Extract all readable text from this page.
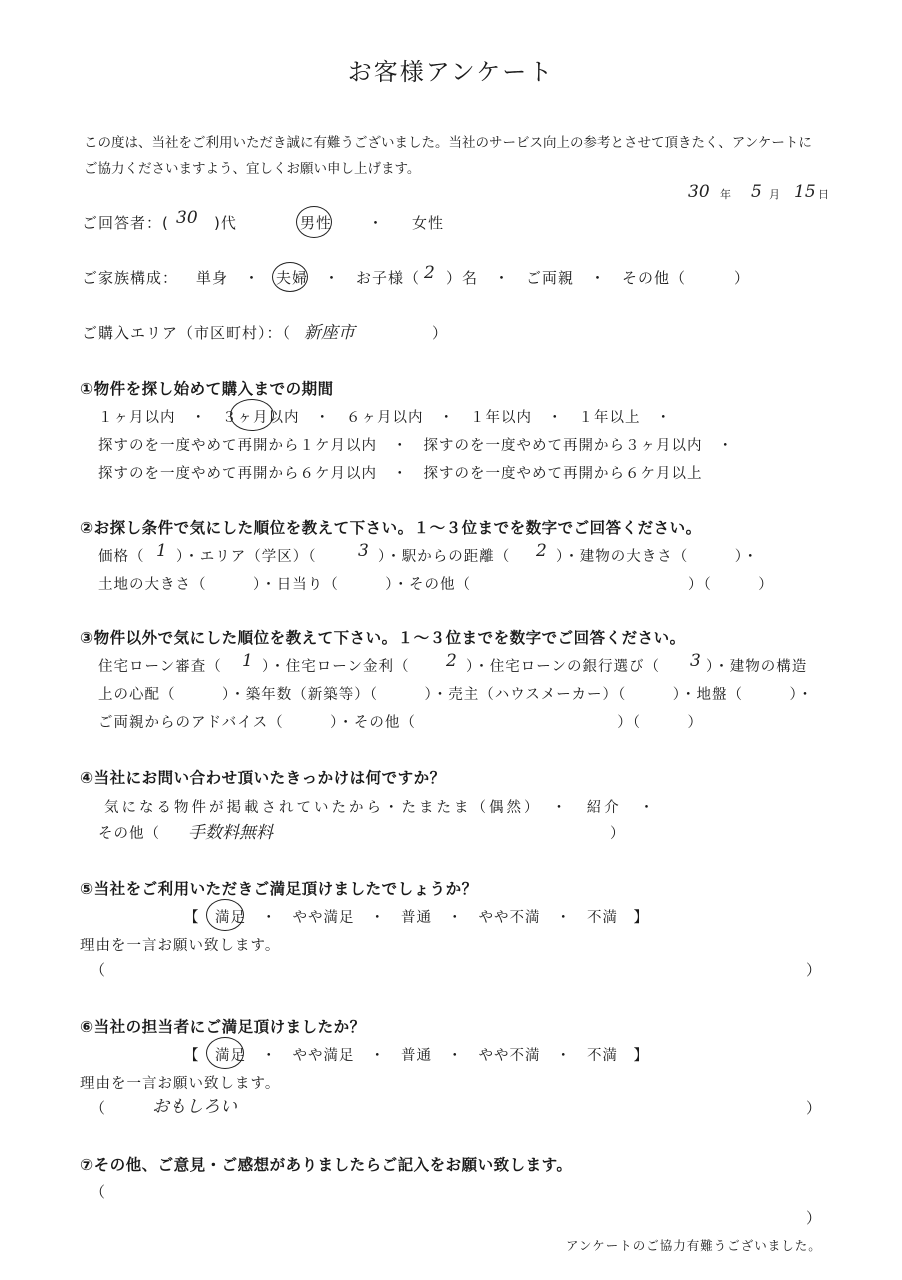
お客様アンケート
この度は、当社をご利用いただき誠に有難うございました。当社のサービス向上の参考とさせて頂きたく、アンケートに
ご協力くださいますよう、宜しくお願い申し上げます。
30 年 5 月 15 日
ご回答者：( 30 )代	男性 ・ 女性
ご家族構成： 単身　・　夫婦　・　お子様（ 2 ）名　・　ご両親　・　その他（　　　）
ご購入エリア（市区町村）：（ 新座市	）
①物件を探し始めて購入までの期間
１ヶ月以内　・　３ヶ月以内　・　６ヶ月以内　・　１年以内　・　１年以上　・
探すのを一度やめて再開から１ケ月以内　・　探すのを一度やめて再開から３ヶ月以内　・
探すのを一度やめて再開から６ケ月以内　・　探すのを一度やめて再開から６ケ月以上
②お探し条件で気にした順位を教えて下さい。１～３位までを数字でご回答ください。
価格（ 1 ）・エリア（学区）（ 3 ）・駅からの距離（ 2 ）・建物の大きさ（　　　）・
土地の大きさ（　　　）・日当り（　　　）・その他（　　　　　　　　　　　　　　）（　　　）
③物件以外で気にした順位を教えて下さい。１～３位までを数字でご回答ください。
住宅ローン審査（ 1 ）・住宅ローン金利（ 2 ）・住宅ローンの銀行選び（ 3 ）・建物の構造
上の心配（　　　）・築年数（新築等）（　　　）・売主（ハウスメーカー）（　　　）・地盤（　　　）・
ご両親からのアドバイス（　　　）・その他（　　　　　　　　　　　　　）（　　　）
④当社にお問い合わせ頂いたきっかけは何ですか？
気になる物件が掲載されていたから・たまたま（偶然）　・　紹介　・
その他（ 手数料無料	）
⑤当社をご利用いただきご満足頂けましたでしょうか？
【　満足　・　やや満足　・　普通　・　やや不満　・　不満　】
理由を一言お願い致します。
（	）
⑥当社の担当者にご満足頂けましたか？
【　満足　・　やや満足　・　普通　・　やや不満　・　不満　】
理由を一言お願い致します。
（	おもしろい	）
⑦その他、ご意見・ご感想がありましたらご記入をお願い致します。
（
）
アンケートのご協力有難うございました。
